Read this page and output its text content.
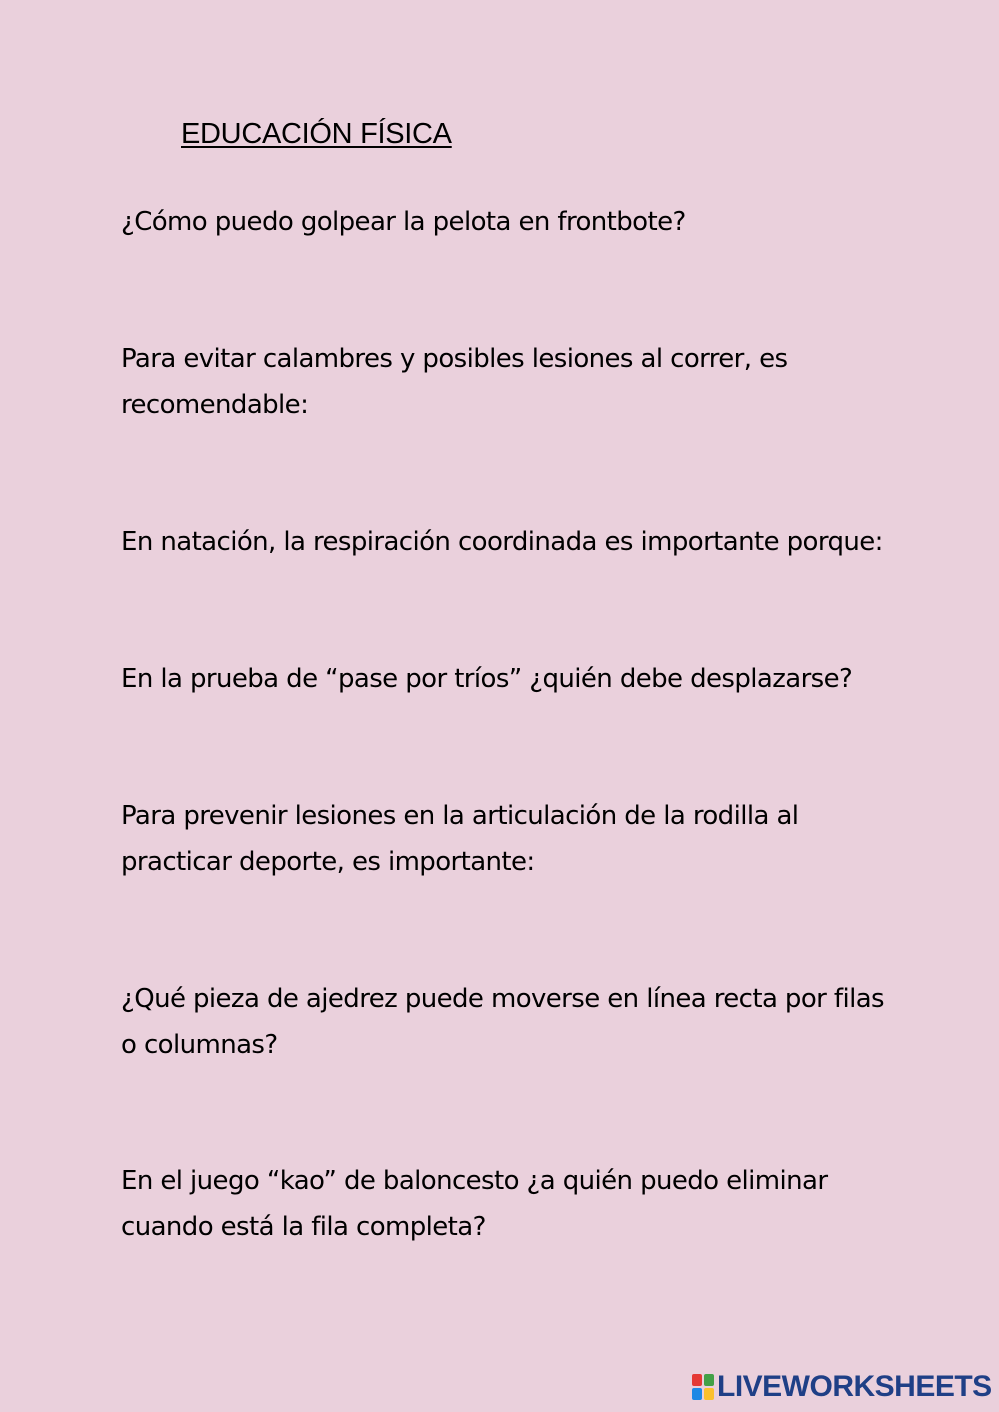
EDUCACIÓN FÍSICA
¿Cómo puedo golpear la pelota en frontbote?
Para evitar calambres y posibles lesiones al correr, es recomendable:
En natación, la respiración coordinada es importante porque:
En la prueba de “pase por tríos” ¿quién debe desplazarse?
Para prevenir lesiones en la articulación de la rodilla al practicar deporte, es importante:
¿Qué pieza de ajedrez puede moverse en línea recta por filas o columnas?
En el juego “kao” de baloncesto ¿a quién puedo eliminar cuando está la fila completa?
LIVEWORKSHEETS
